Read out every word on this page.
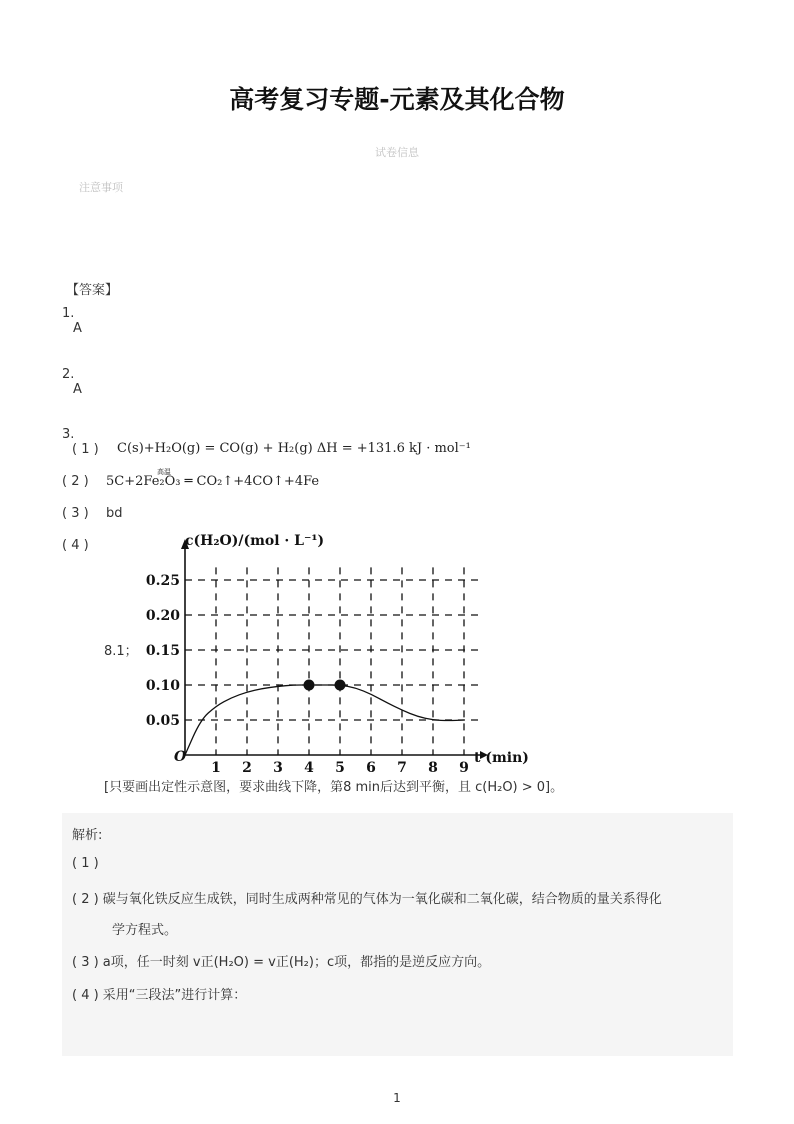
高考复习专题-元素及其化合物
试卷信息
注意事项
【答案】
1.
A
2.
A
3.
( 1 ) C(s)+H₂O(g) = CO(g) + H₂(g) ΔH = +131.6 kJ · mol⁻¹
( 2 ) 5C+2Fe₂O₃ ═ CO₂↑+4CO↑+4Fe
高温
( 3 ) bd
( 4 )
8.1；
1 2 3 4 5 6 7 8 9
0.05
0.10
0.15
0.20
0.25
c(H₂O)/(mol · L⁻¹)
t (min)
O
[只要画出定性示意图，要求曲线下降，第8 min后达到平衡，且 c(H₂O) > 0]。
解析:
( 1 )
( 2 ) 碳与氧化铁反应生成铁，同时生成两种常见的气体为一氧化碳和二氧化碳，结合物质的量关系得化
学方程式。
( 3 ) a项，任一时刻 v正(H₂O) = v正(H₂)；c项，都指的是逆反应方向。
( 4 ) 采用“三段法”进行计算：
1
